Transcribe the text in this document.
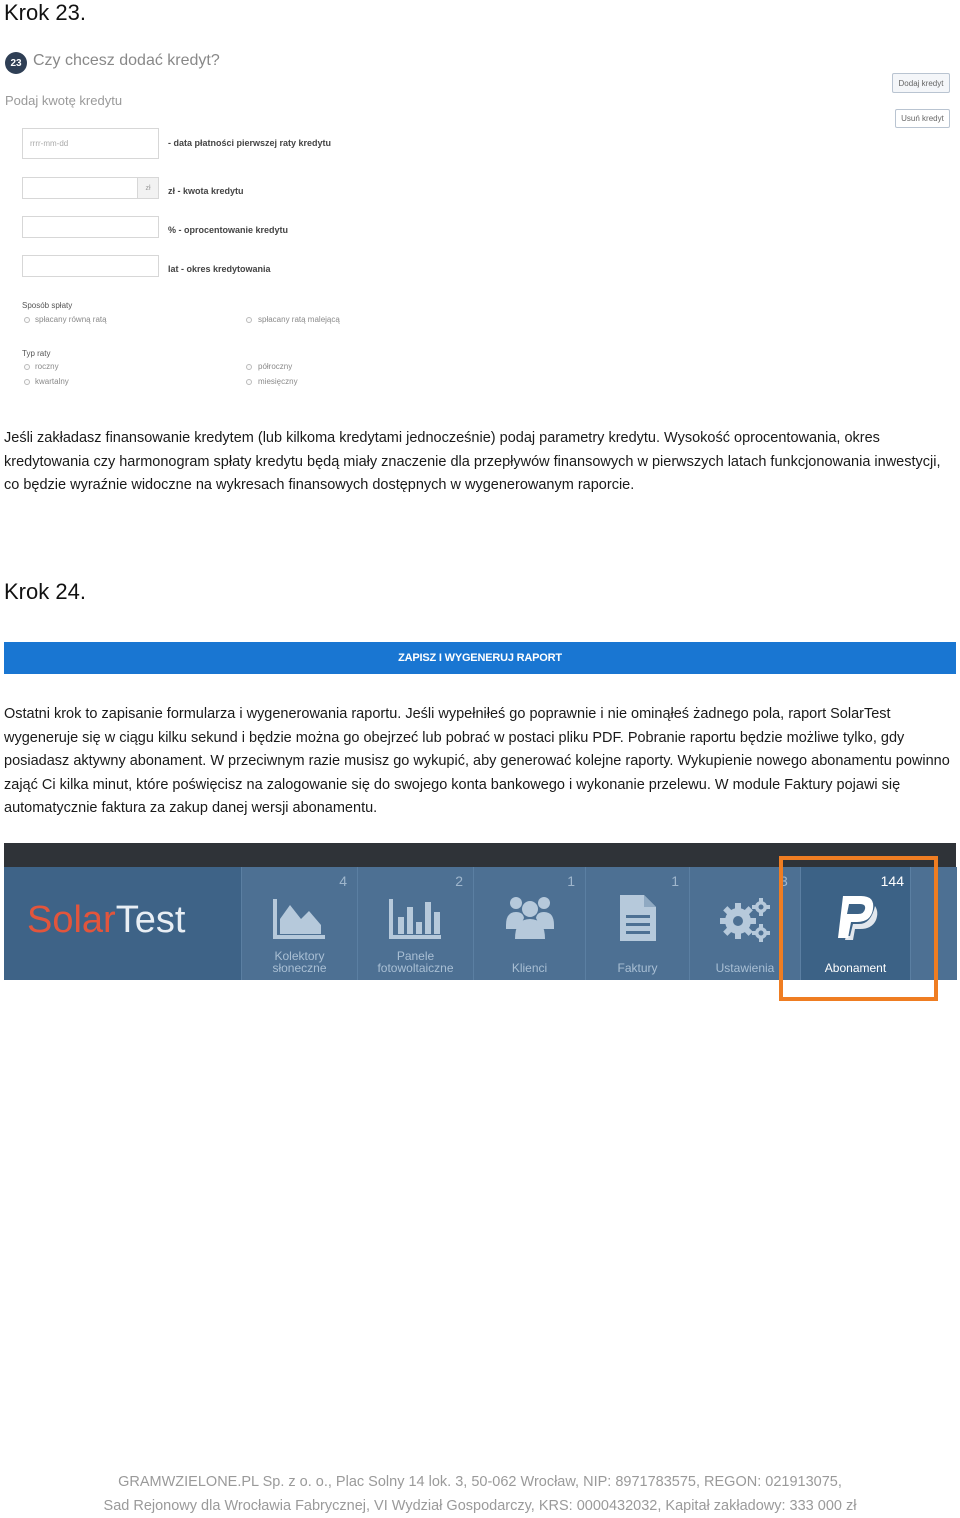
Krok 23.
23 Czy chcesz dodać kredyt?
Podaj kwotę kredytu
Dodaj kredyt
Usuń kredyt
rrrr-mm-dd	- data płatności pierwszej raty kredytu
zł	zł - kwota kredytu
% - oprocentowanie kredytu
lat - okres kredytowania
Sposób spłaty
spłacany równą ratą	spłacany ratą malejącą
Typ raty
roczny	półroczny
kwartalny	miesięczny
Jeśli zakładasz finansowanie kredytem (lub kilkoma kredytami jednocześnie) podaj parametry kredytu. Wysokość oprocentowania, okres kredytowania czy harmonogram spłaty kredytu będą miały znaczenie dla przepływów finansowych w pierwszych latach funkcjonowania inwestycji, co będzie wyraźnie widoczne na wykresach finansowych dostępnych w wygenerowanym raporcie.
Krok 24.
ZAPISZ I WYGENERUJ RAPORT
Ostatni krok to zapisanie formularza i wygenerowania raportu. Jeśli wypełniłeś go poprawnie i nie ominąłeś żadnego pola, raport SolarTest wygeneruje się w ciągu kilku sekund i będzie można go obejrzeć lub pobrać w postaci pliku PDF. Pobranie raportu będzie możliwe tylko, gdy posiadasz aktywny abonament. W przeciwnym razie musisz go wykupić, aby generować kolejne raporty. Wykupienie nowego abonamentu powinno zająć Ci kilka minut, które poświęcisz na zalogowanie się do swojego konta bankowego i wykonanie przelewu. W module Faktury pojawi się automatycznie faktura za zakup danej wersji abonamentu.
SolarTest
4
Kolektory
słoneczne
2
Panele
fotowoltaiczne
1
Klienci
1
Faktury
3
Ustawienia
144
Abonament
GRAMWZIELONE.PL Sp. z o. o., Plac Solny 14 lok. 3, 50-062 Wrocław, NIP: 8971783575, REGON: 021913075,
Sad Rejonowy dla Wrocławia Fabrycznej, VI Wydział Gospodarczy, KRS: 0000432032, Kapitał zakładowy: 333 000 zł
